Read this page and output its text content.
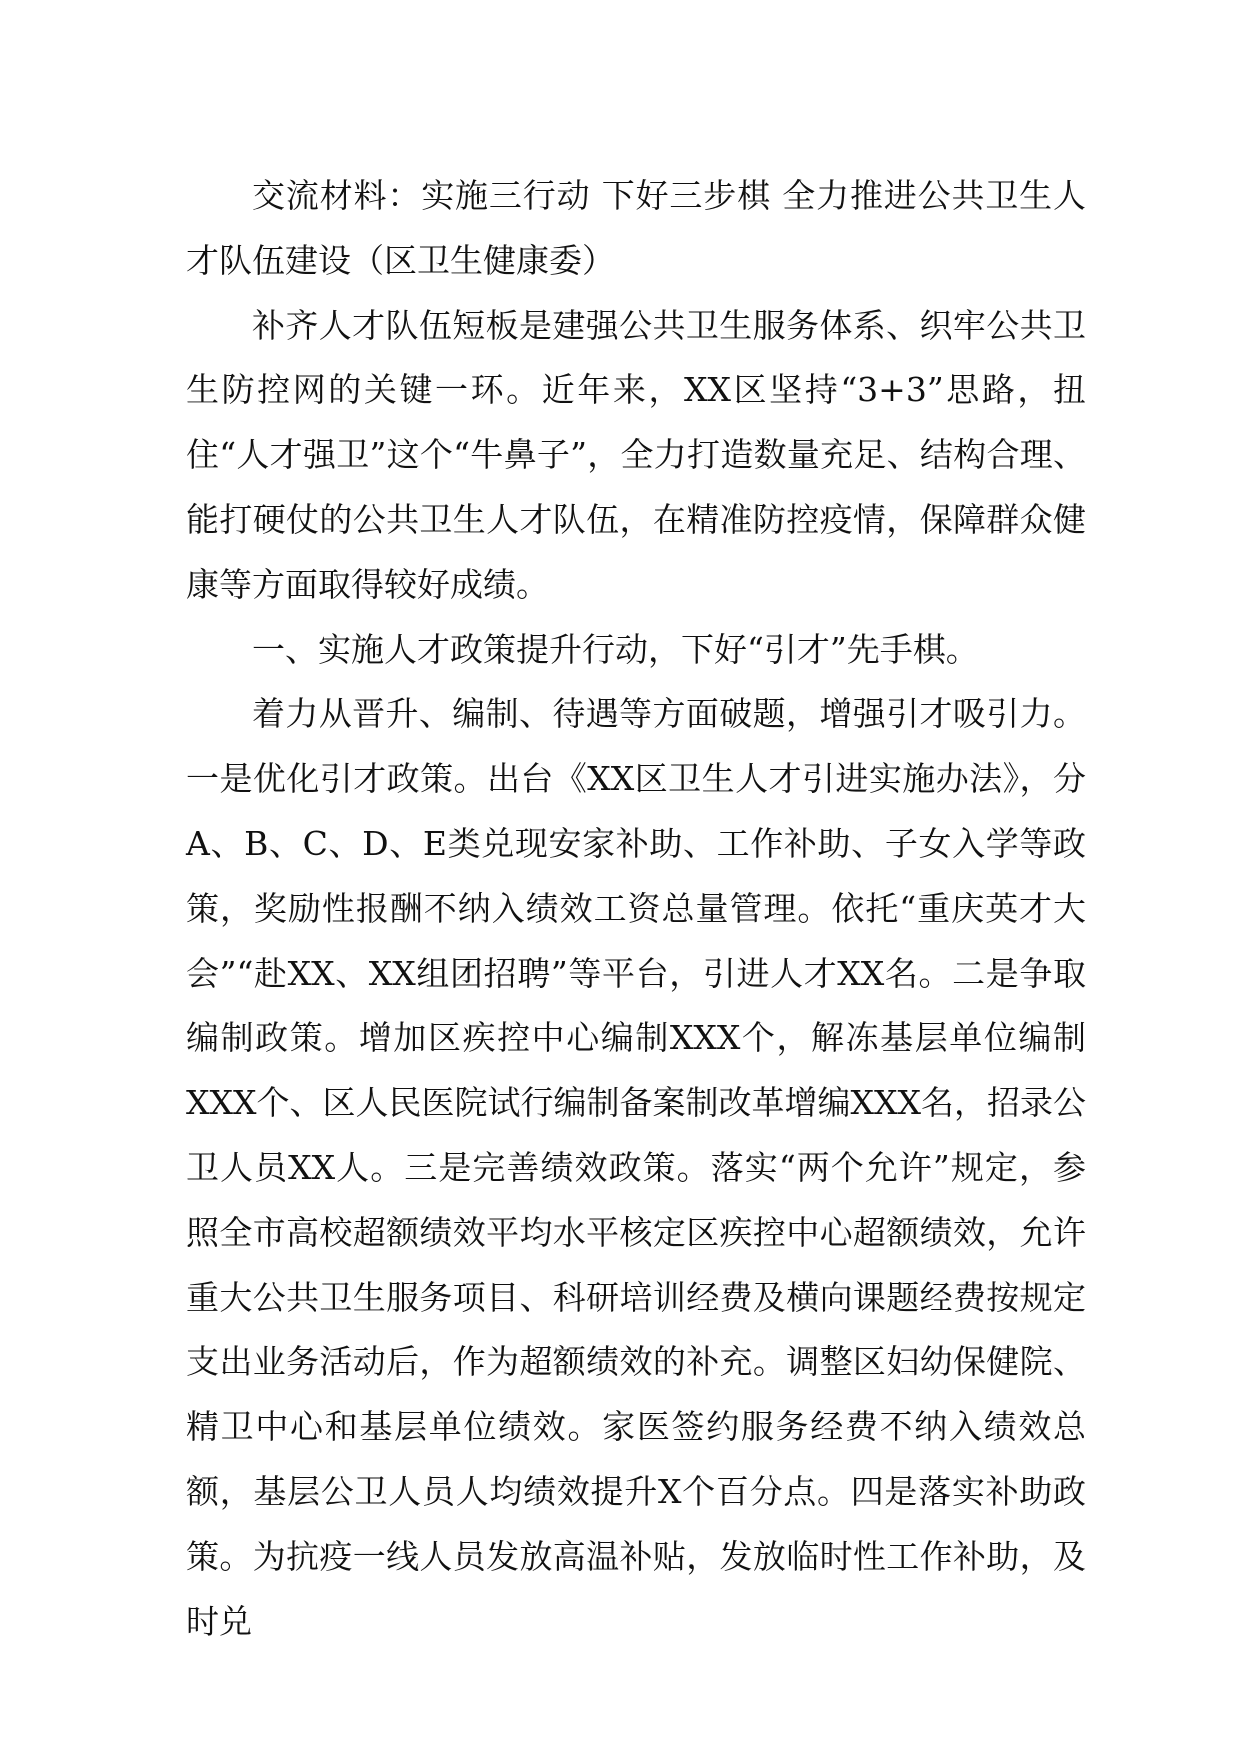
交流材料：实施三行动 下好三步棋 全力推进公共卫生人才队伍建设（区卫生健康委）

补齐人才队伍短板是建强公共卫生服务体系、织牢公共卫生防控网的关键一环。近年来，XX区坚持“3+3”思路，扭住“人才强卫”这个“牛鼻子”，全力打造数量充足、结构合理、能打硬仗的公共卫生人才队伍，在精准防控疫情，保障群众健康等方面取得较好成绩。

一、实施人才政策提升行动，下好“引才”先手棋。

着力从晋升、编制、待遇等方面破题，增强引才吸引力。一是优化引才政策。出台《XX区卫生人才引进实施办法》，分A、B、C、D、E类兑现安家补助、工作补助、子女入学等政策，奖励性报酬不纳入绩效工资总量管理。依托“重庆英才大会”“赴XX、XX组团招聘”等平台，引进人才XX名。二是争取编制政策。增加区疾控中心编制XXX个，解冻基层单位编制XXX个、区人民医院试行编制备案制改革增编XXX名，招录公卫人员XX人。三是完善绩效政策。落实“两个允许”规定，参照全市高校超额绩效平均水平核定区疾控中心超额绩效，允许重大公共卫生服务项目、科研培训经费及横向课题经费按规定支出业务活动后，作为超额绩效的补充。调整区妇幼保健院、精卫中心和基层单位绩效。家医签约服务经费不纳入绩效总额，基层公卫人员人均绩效提升X个百分点。四是落实补助政策。为抗疫一线人员发放高温补贴，发放临时性工作补助，及时兑
